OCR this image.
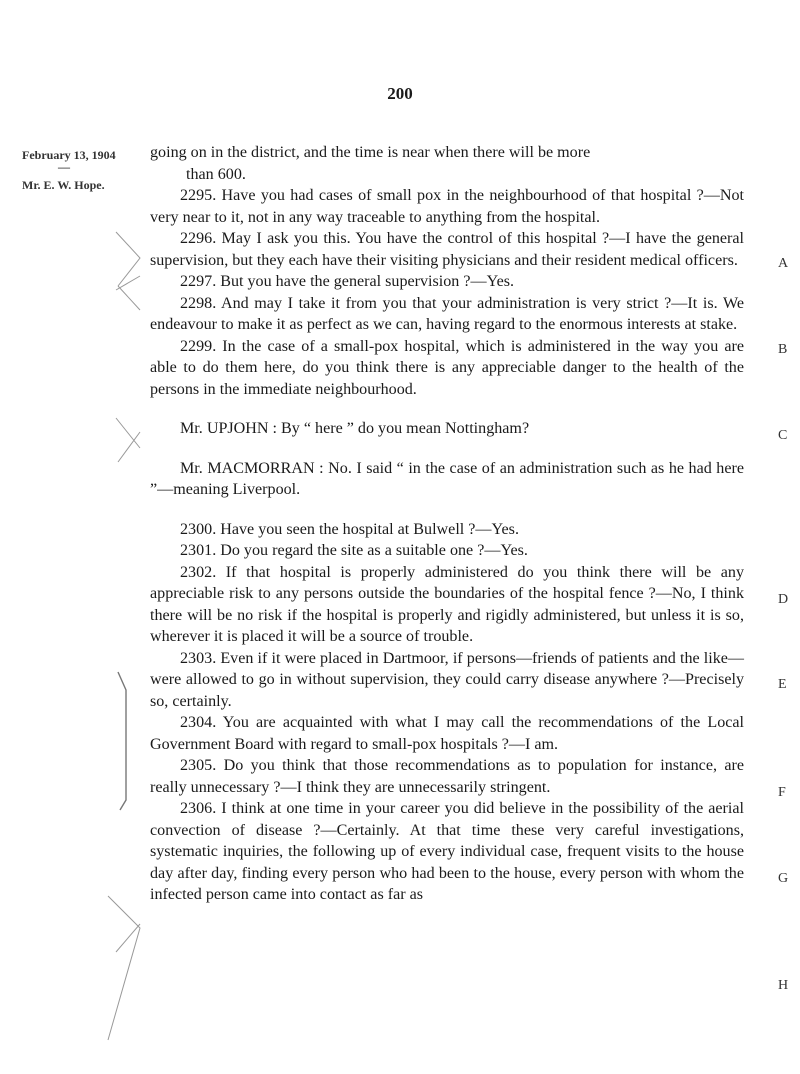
200
February 13, 1904
—
Mr. E. W. Hope.

going on in the district, and the time is near when there will be more

than 600.

2295. Have you had cases of small pox in the neighbourhood of that hospital ?—Not very near to it, not in any way traceable to anything from the hospital.

2296. May I ask you this. You have the control of this hospital ?—I have the general supervision, but they each have their visiting physicians and their resident medical officers.

2297. But you have the general supervision ?—Yes.

2298. And may I take it from you that your administration is very strict ?—It is. We endeavour to make it as perfect as we can, having regard to the enormous interests at stake.

2299. In the case of a small-pox hospital, which is administered in the way you are able to do them here, do you think there is any appreciable danger to the health of the persons in the immediate neighbourhood.

Mr. UPJOHN : By “ here ” do you mean Nottingham?

Mr. MACMORRAN : No. I said “ in the case of an administration such as he had here ”—meaning Liverpool.

2300. Have you seen the hospital at Bulwell ?—Yes.

2301. Do you regard the site as a suitable one ?—Yes.

2302. If that hospital is properly administered do you think there will be any appreciable risk to any persons outside the boundaries of the hospital fence ?—No, I think there will be no risk if the hospital is properly and rigidly administered, but unless it is so, wherever it is placed it will be a source of trouble.

2303. Even if it were placed in Dartmoor, if persons—friends of patients and the like—were allowed to go in without supervision, they could carry disease anywhere ?—Precisely so, certainly.

2304. You are acquainted with what I may call the recommendations of the Local Government Board with regard to small-pox hospitals ?—I am.

2305. Do you think that those recommendations as to population for instance, are really unnecessary ?—I think they are unnecessarily stringent.

2306. I think at one time in your career you did believe in the possibility of the aerial convection of disease ?—Certainly. At that time these very careful investigations, systematic inquiries, the following up of every individual case, frequent visits to the house day after day, finding every person who had been to the house, every person with whom the infected person came into contact as far as

A
B
C
D
E
F
G
H
